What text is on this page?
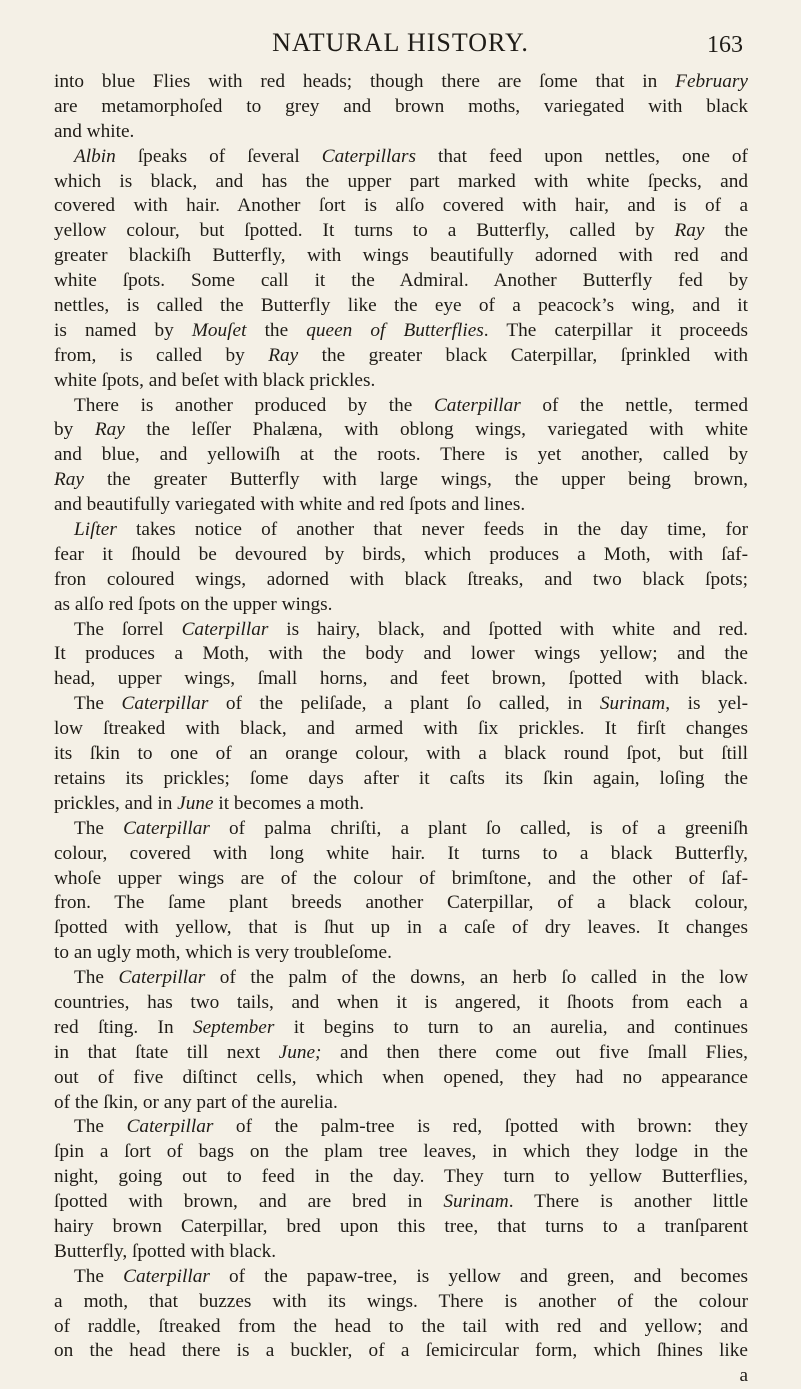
NATURAL HISTORY.	163
into blue Flies with red heads; though there are ſome that in February
are metamorphoſed to grey and brown moths, variegated with black
and white.
Albin ſpeaks of ſeveral Caterpillars that feed upon nettles, one of
which is black, and has the upper part marked with white ſpecks, and
covered with hair. Another ſort is alſo covered with hair, and is of a
yellow colour, but ſpotted. It turns to a Butterfly, called by Ray the
greater blackiſh Butterfly, with wings beautifully adorned with red and
white ſpots. Some call it the Admiral. Another Butterfly fed by
nettles, is called the Butterfly like the eye of a peacock’s wing, and it
is named by Mouſet the queen of Butterflies. The caterpillar it proceeds
from, is called by Ray the greater black Caterpillar, ſprinkled with
white ſpots, and beſet with black prickles.
There is another produced by the Caterpillar of the nettle, termed
by Ray the leſſer Phalæna, with oblong wings, variegated with white
and blue, and yellowiſh at the roots. There is yet another, called by
Ray the greater Butterfly with large wings, the upper being brown,
and beautifully variegated with white and red ſpots and lines.
Liſter takes notice of another that never feeds in the day time, for
fear it ſhould be devoured by birds, which produces a Moth, with ſaf-
fron coloured wings, adorned with black ſtreaks, and two black ſpots;
as alſo red ſpots on the upper wings.
The ſorrel Caterpillar is hairy, black, and ſpotted with white and red.
It produces a Moth, with the body and lower wings yellow; and the
head, upper wings, ſmall horns, and feet brown, ſpotted with black.
The Caterpillar of the peliſade, a plant ſo called, in Surinam, is yel-
low ſtreaked with black, and armed with ſix prickles. It firſt changes
its ſkin to one of an orange colour, with a black round ſpot, but ſtill
retains its prickles; ſome days after it caſts its ſkin again, loſing the
prickles, and in June it becomes a moth.
The Caterpillar of palma chriſti, a plant ſo called, is of a greeniſh
colour, covered with long white hair. It turns to a black Butterfly,
whoſe upper wings are of the colour of brimſtone, and the other of ſaf-
fron. The ſame plant breeds another Caterpillar, of a black colour,
ſpotted with yellow, that is ſhut up in a caſe of dry leaves. It changes
to an ugly moth, which is very troubleſome.
The Caterpillar of the palm of the downs, an herb ſo called in the low
countries, has two tails, and when it is angered, it ſhoots from each a
red ſting. In September it begins to turn to an aurelia, and continues
in that ſtate till next June; and then there come out five ſmall Flies,
out of five diſtinct cells, which when opened, they had no appearance
of the ſkin, or any part of the aurelia.
The Caterpillar of the palm-tree is red, ſpotted with brown: they
ſpin a ſort of bags on the plam tree leaves, in which they lodge in the
night, going out to feed in the day. They turn to yellow Butterflies,
ſpotted with brown, and are bred in Surinam. There is another little
hairy brown Caterpillar, bred upon this tree, that turns to a tranſparent
Butterfly, ſpotted with black.
The Caterpillar of the papaw-tree, is yellow and green, and becomes
a moth, that buzzes with its wings. There is another of the colour
of raddle, ſtreaked from the head to the tail with red and yellow; and
on the head there is a buckler, of a ſemicircular form, which ſhines like
a
